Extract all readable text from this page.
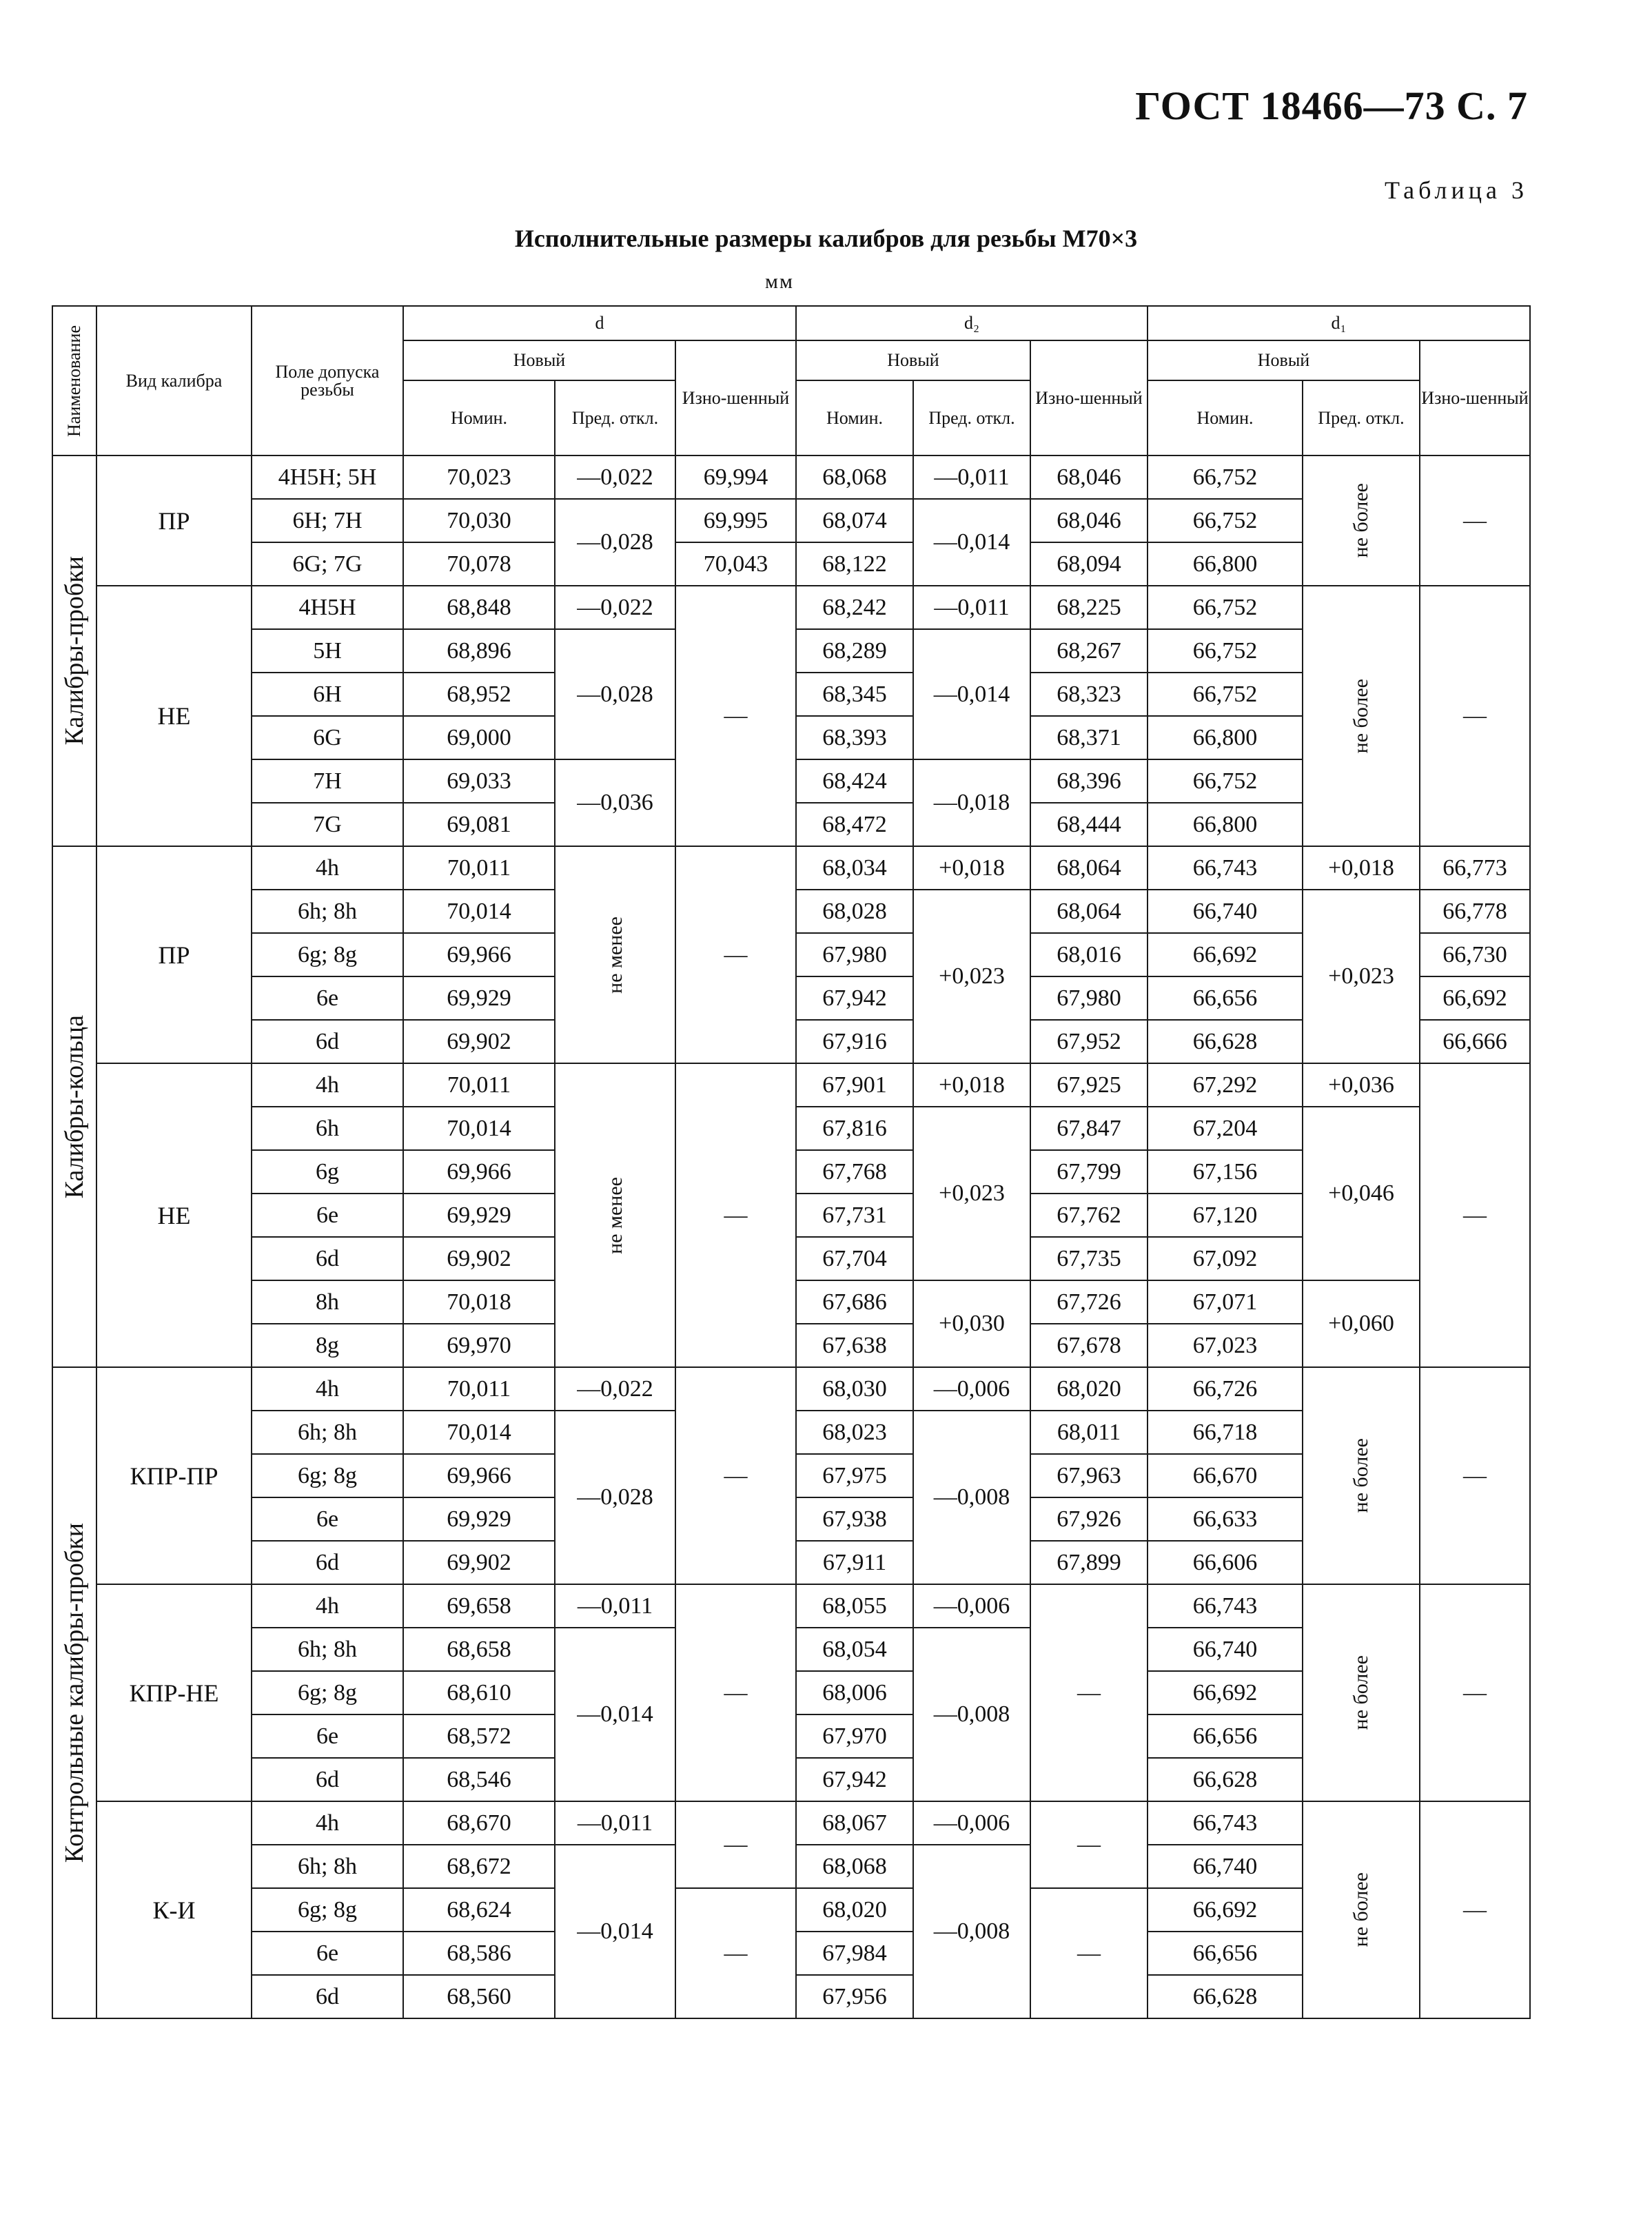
ГОСТ 18466—73 С. 7
Таблица 3
Исполнительные размеры калибров для резьбы М70×3
мм
Наименование	Вид калибра	Поле допуска резьбы	d			d₂			d₁		
			Новый		Изно-шенный	Новый		Изно-шенный	Новый		Изно-шенный
			Номин.	Пред. откл.		Номин.	Пред. откл.		Номин.	Пред. откл.	

Калибры-пробки	ПР	4H5H; 5H	70,023	—0,022	69,994	68,068	—0,011	68,046	66,752	не более	—
		6H; 7H	70,030	—0,028	69,995	68,074	—0,014	68,046	66,752		
		6G; 7G	70,078		70,043	68,122		68,094	66,800		
	НЕ	4H5H	68,848	—0,022	—	68,242	—0,011	68,225	66,752	не более	—
		5H	68,896	—0,028		68,289	—0,014	68,267	66,752		
		6H	68,952			68,345		68,323	66,752		
		6G	69,000			68,393		68,371	66,800		
		7H	69,033	—0,036		68,424	—0,018	68,396	66,752		
		7G	69,081			68,472		68,444	66,800		

Калибры-кольца	ПР	4h	70,011	не менее	—	68,034	+0,018	68,064	66,743	+0,018	66,773
		6h; 8h	70,014			68,028	+0,023	68,064	66,740	+0,023	66,778
		6g; 8g	69,966			67,980		68,016	66,692		66,730
		6e	69,929			67,942		67,980	66,656		66,692
		6d	69,902			67,916		67,952	66,628		66,666
	НЕ	4h	70,011	не менее	—	67,901	+0,018	67,925	67,292	+0,036	—
		6h	70,014			67,816	+0,023	67,847	67,204	+0,046	
		6g	69,966			67,768		67,799	67,156		
		6e	69,929			67,731		67,762	67,120		
		6d	69,902			67,704		67,735	67,092		
		8h	70,018			67,686	+0,030	67,726	67,071	+0,060	
		8g	69,970			67,638		67,678	67,023		

Контрольные калибры-пробки	КПР-ПР	4h	70,011	—0,022	—	68,030	—0,006	68,020	66,726	не более	—
		6h; 8h	70,014	—0,028		68,023	—0,008	68,011	66,718		
		6g; 8g	69,966			67,975		67,963	66,670		
		6e	69,929			67,938		67,926	66,633		
		6d	69,902			67,911		67,899	66,606		
	КПР-НЕ	4h	69,658	—0,011	—	68,055	—0,006	—	66,743	не более	—
		6h; 8h	68,658	—0,014		68,054	—0,008		66,740		
		6g; 8g	68,610			68,006			66,692		
		6e	68,572			67,970			66,656		
		6d	68,546			67,942			66,628		
	К-И	4h	68,670	—0,011	—	68,067	—0,006	—	66,743	не более	—
		6h; 8h	68,672	—0,014		68,068	—0,008		66,740		
		6g; 8g	68,624		—	68,020		—	66,692		
		6e	68,586			67,984			66,656		
		6d	68,560			67,956			66,628		
